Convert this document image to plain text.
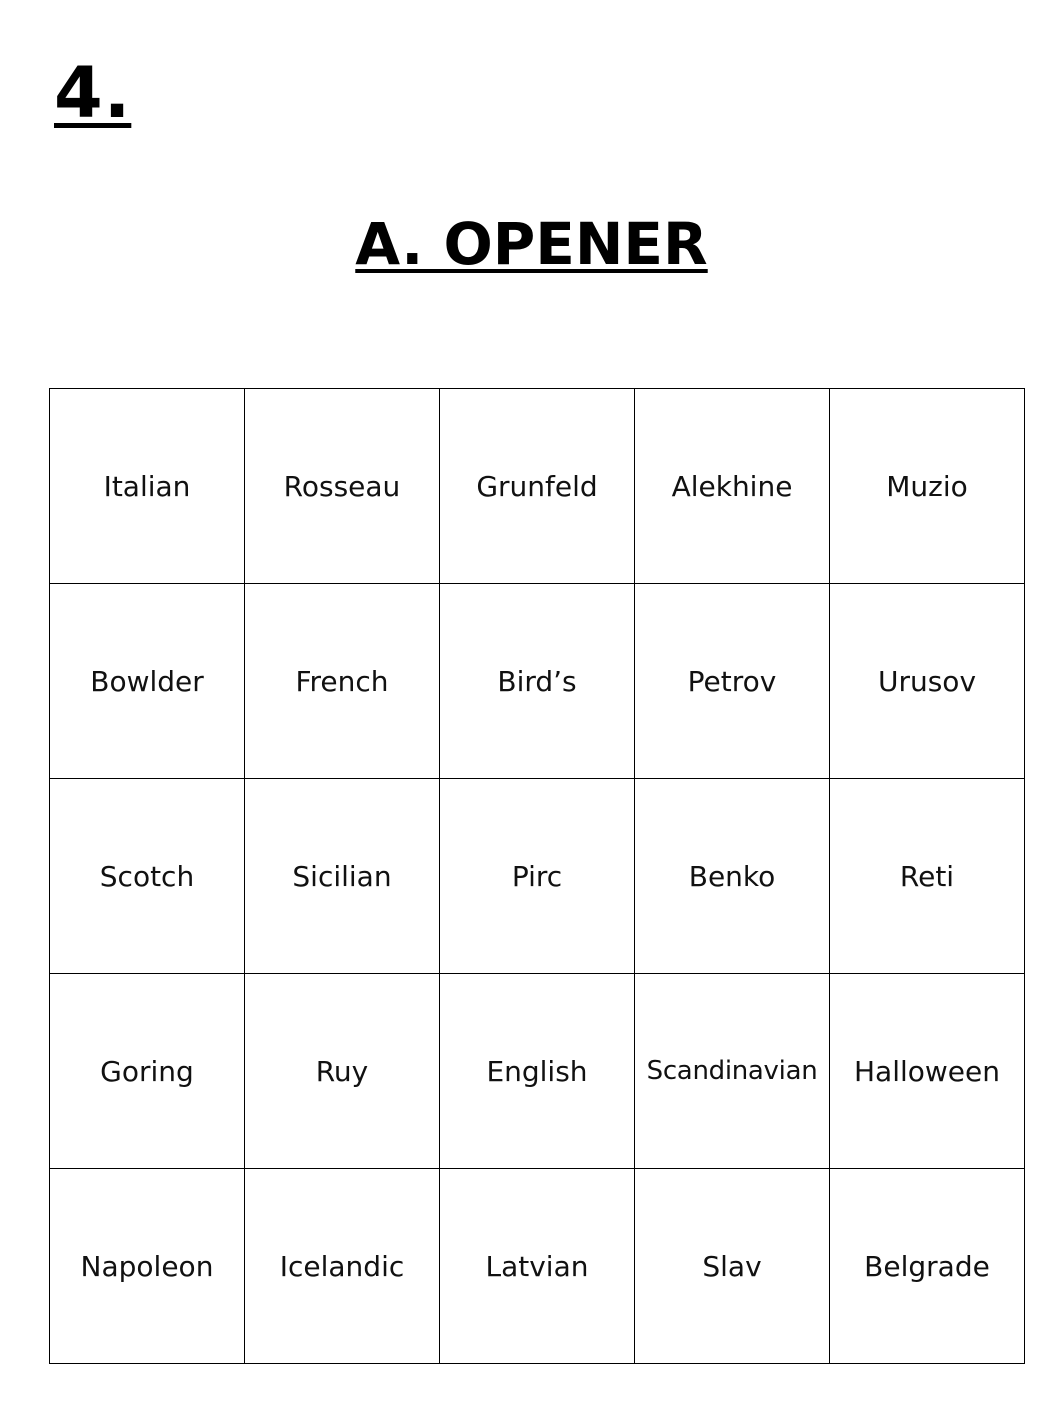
4.
A. OPENER
Italian	Rosseau	Grunfeld	Alekhine	Muzio
Bowlder	French	Bird’s	Petrov	Urusov
Scotch	Sicilian	Pirc	Benko	Reti
Goring	Ruy	English	Scandinavian	Halloween
Napoleon	Icelandic	Latvian	Slav	Belgrade
